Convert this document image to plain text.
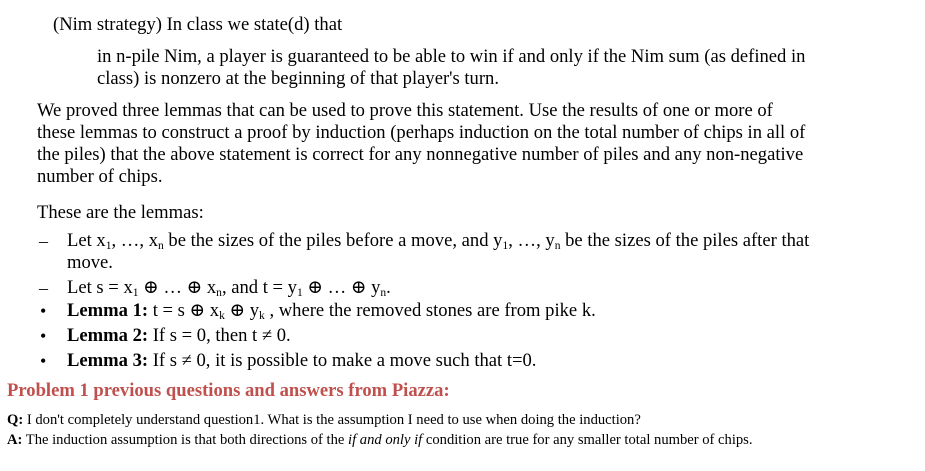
(Nim strategy) In class we state(d) that
in n-pile Nim, a player is guaranteed to be able to win if and only if the Nim sum (as defined in
class) is nonzero at the beginning of that player's turn.
We proved three lemmas that can be used to prove this statement. Use the results of one or more of
these lemmas to construct a proof by induction (perhaps induction on the total number of chips in all of
the piles) that the above statement is correct for any nonnegative number of piles and any non-negative
number of chips.
These are the lemmas:
– Let $x_1$, …, $x_n$ be the sizes of the piles before a move, and $y_1$, …, $y_n$ be the sizes of the piles after that
move.
– Let $s = x_1$ ⊕ … ⊕ $x_n$, and $t = y_1$ ⊕ … ⊕ $y_n$.
• Lemma 1: t = s ⊕ $x_k$ ⊕ $y_k$ , where the removed stones are from pike k.
• Lemma 2: If s = 0, then t ≠ 0.
• Lemma 3: If s ≠ 0, it is possible to make a move such that t=0.
Problem 1 previous questions and answers from Piazza:
Q: I don't completely understand question1. What is the assumption I need to use when doing the induction?
A: The induction assumption is that both directions of the if and only if condition are true for any smaller total number of chips.
